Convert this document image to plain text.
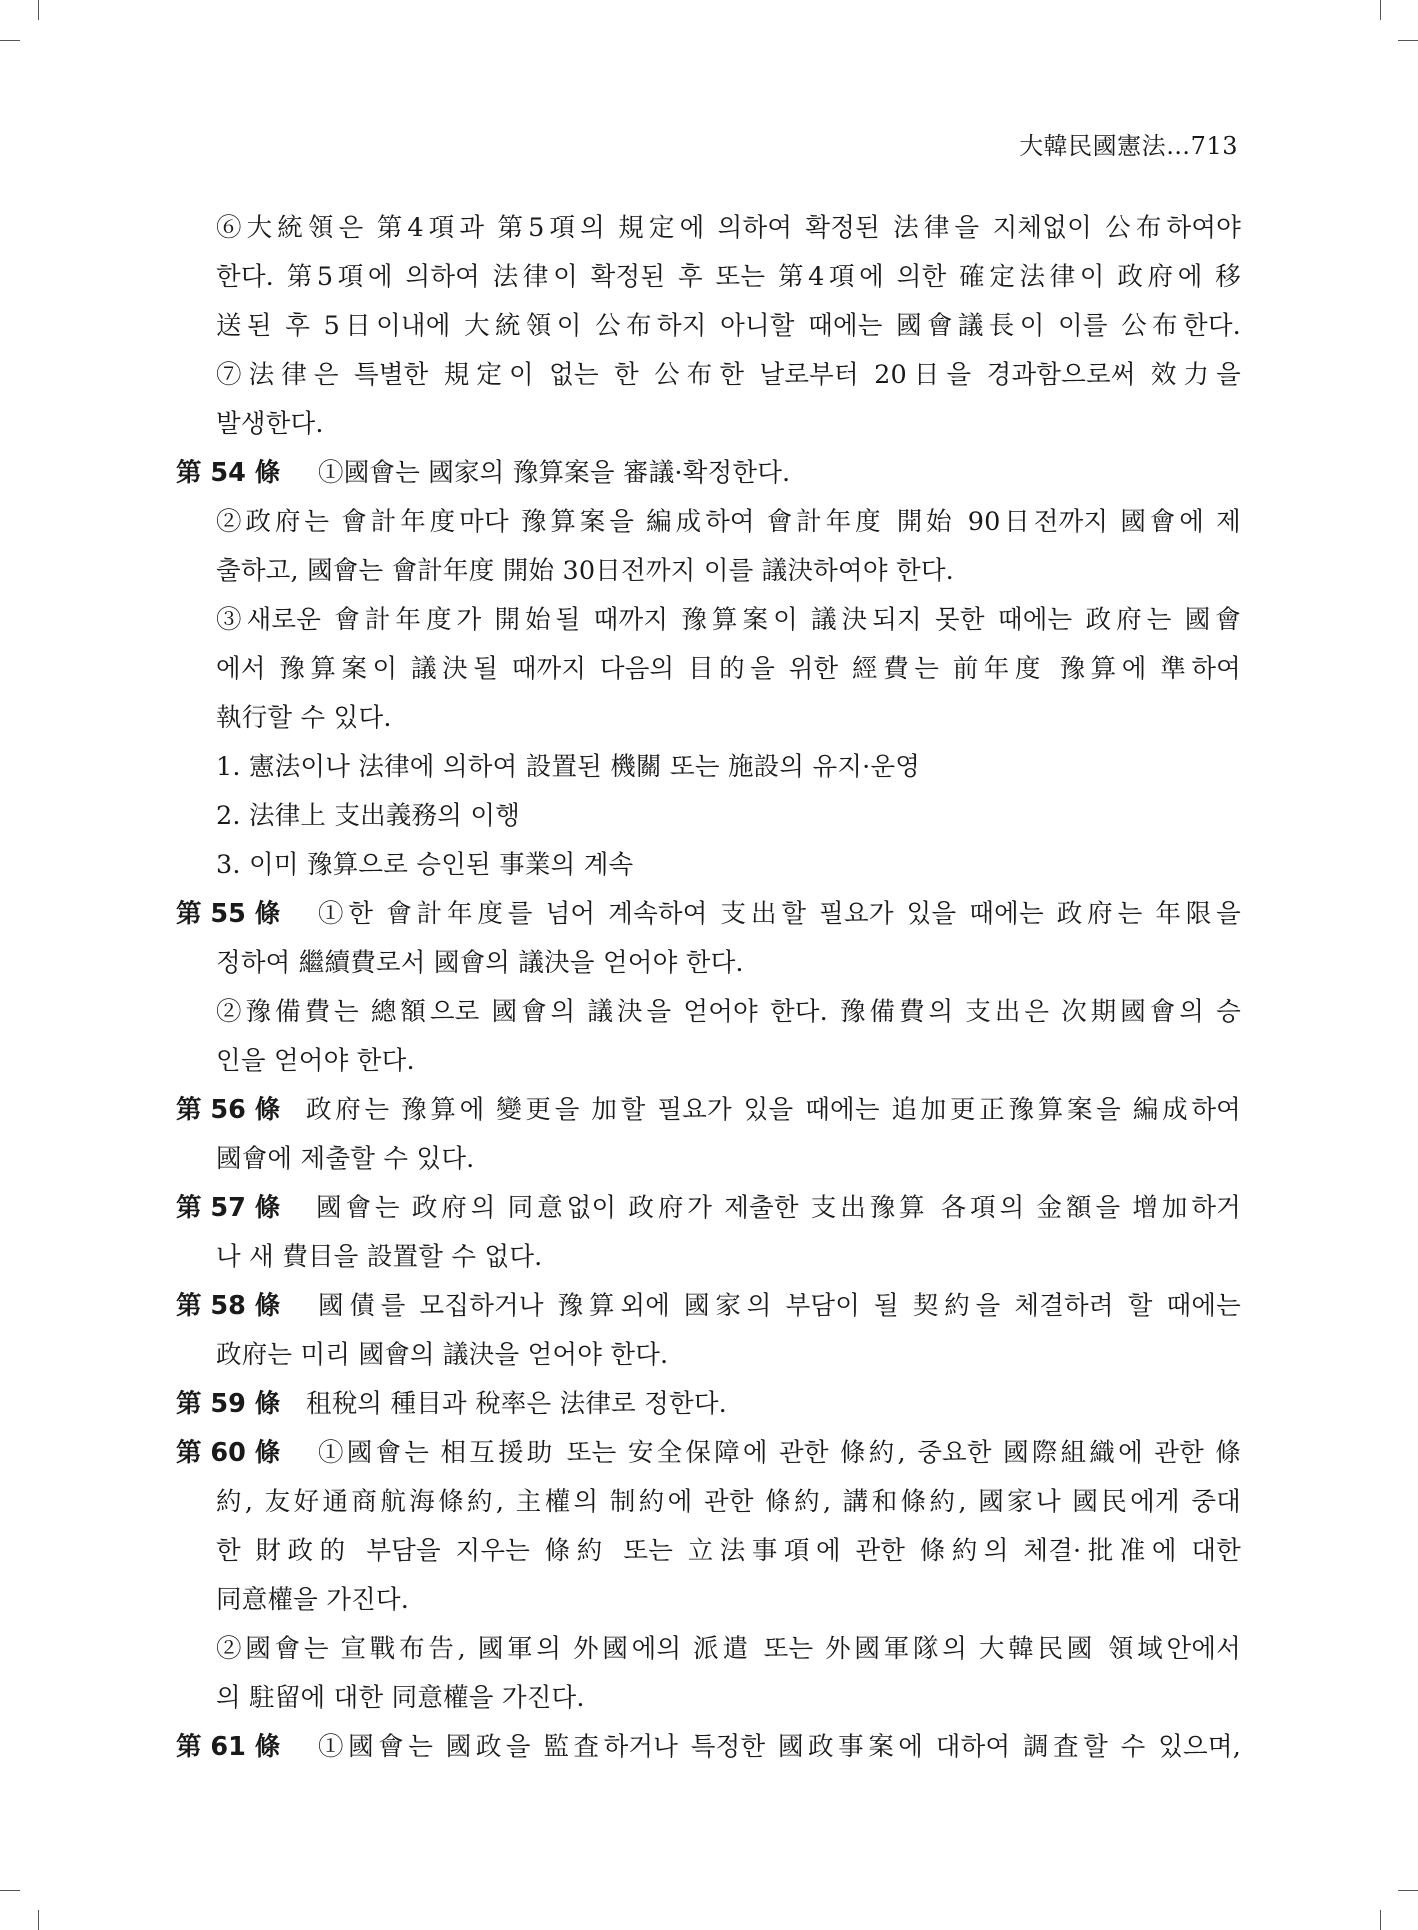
大韓民國憲法…713
⑥大統領은 第4項과 第5項의 規定에 의하여 확정된 法律을 지체없이 公布하여야
한다. 第5項에 의하여 法律이 확정된 후 또는 第4項에 의한 確定法律이 政府에 移
送된 후 5日이내에 大統領이 公布하지 아니할 때에는 國會議長이 이를 公布한다.
⑦法律은 특별한 規定이 없는 한 公布한 날로부터 20日을 경과함으로써 效力을
발생한다.
第 54 條 ①國會는 國家의 豫算案을 審議·확정한다.
②政府는 會計年度마다 豫算案을 編成하여 會計年度 開始 90日전까지 國會에 제
출하고, 國會는 會計年度 開始 30日전까지 이를 議決하여야 한다.
③새로운 會計年度가 開始될 때까지 豫算案이 議決되지 못한 때에는 政府는 國會
에서 豫算案이 議決될 때까지 다음의 目的을 위한 經費는 前年度 豫算에 準하여
執行할 수 있다.
1. 憲法이나 法律에 의하여 設置된 機關 또는 施設의 유지·운영
2. 法律上 支出義務의 이행
3. 이미 豫算으로 승인된 事業의 계속
第 55 條 ①한 會計年度를 넘어 계속하여 支出할 필요가 있을 때에는 政府는 年限을
정하여 繼續費로서 國會의 議決을 얻어야 한다.
②豫備費는 總額으로 國會의 議決을 얻어야 한다. 豫備費의 支出은 次期國會의 승
인을 얻어야 한다.
第 56 條 政府는 豫算에 變更을 加할 필요가 있을 때에는 追加更正豫算案을 編成하여
國會에 제출할 수 있다.
第 57 條 國會는 政府의 同意없이 政府가 제출한 支出豫算 各項의 金額을 增加하거
나 새 費目을 設置할 수 없다.
第 58 條 國債를 모집하거나 豫算외에 國家의 부담이 될 契約을 체결하려 할 때에는
政府는 미리 國會의 議決을 얻어야 한다.
第 59 條 租稅의 種目과 稅率은 法律로 정한다.
第 60 條 ①國會는 相互援助 또는 安全保障에 관한 條約, 중요한 國際組織에 관한 條
約, 友好通商航海條約, 主權의 制約에 관한 條約, 講和條約, 國家나 國民에게 중대
한 財政的 부담을 지우는 條約 또는 立法事項에 관한 條約의 체결·批准에 대한
同意權을 가진다.
②國會는 宣戰布告, 國軍의 外國에의 派遣 또는 外國軍隊의 大韓民國 領域안에서
의 駐留에 대한 同意權을 가진다.
第 61 條 ①國會는 國政을 監査하거나 특정한 國政事案에 대하여 調査할 수 있으며,
